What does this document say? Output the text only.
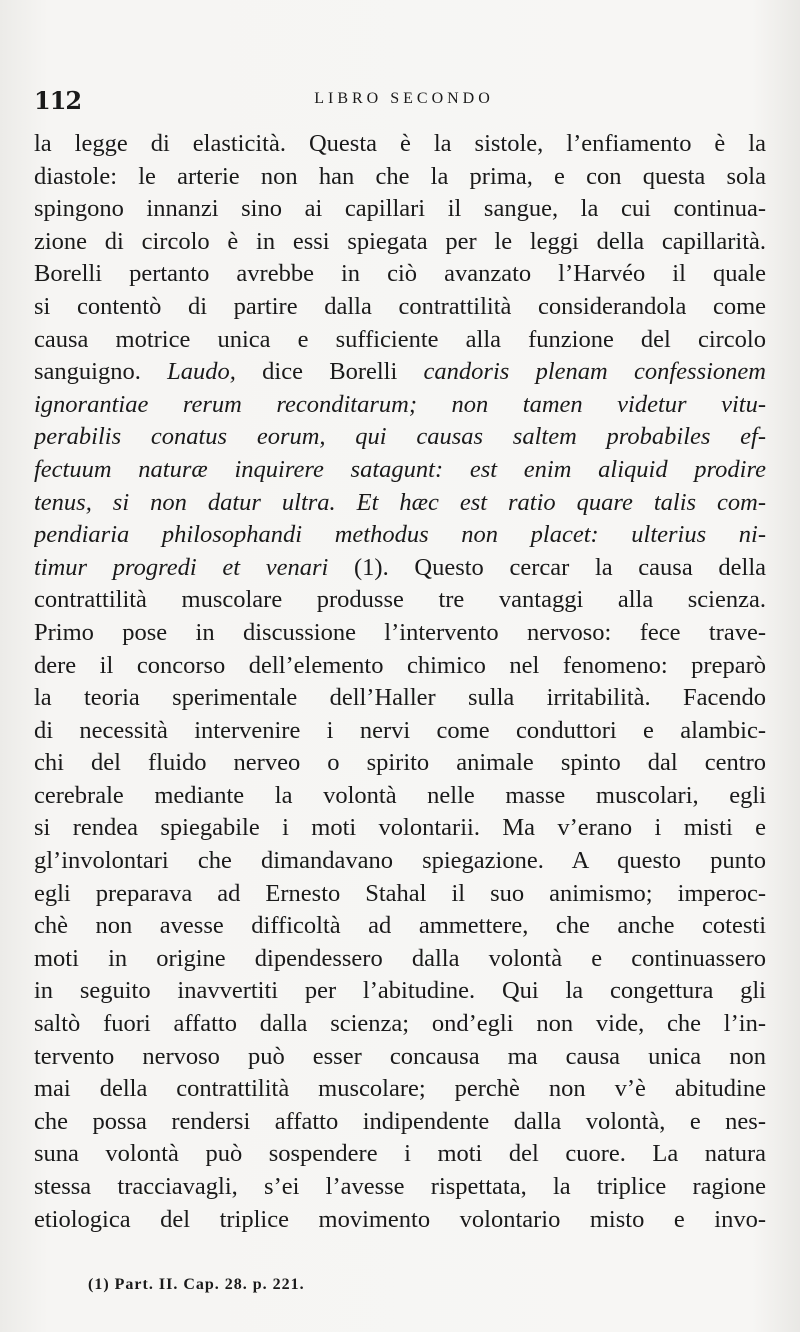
112	LIBRO SECONDO
la legge di elasticità. Questa è la sistole, l’enfiamento è la
diastole: le arterie non han che la prima, e con questa sola
spingono innanzi sino ai capillari il sangue, la cui continua-
zione di circolo è in essi spiegata per le leggi della capillarità.
Borelli pertanto avrebbe in ciò avanzato l’Harvéo il quale
si contentò di partire dalla contrattilità considerandola come
causa motrice unica e sufficiente alla funzione del circolo
sanguigno. Laudo, dice Borelli candoris plenam confessionem
ignorantiae rerum reconditarum; non tamen videtur vitu-
perabilis conatus eorum, qui causas saltem probabiles ef-
fectuum naturæ inquirere satagunt: est enim aliquid prodire
tenus, si non datur ultra. Et hæc est ratio quare talis com-
pendiaria philosophandi methodus non placet: ulterius ni-
timur progredi et venari (1). Questo cercar la causa della
contrattilità muscolare produsse tre vantaggi alla scienza.
Primo pose in discussione l’intervento nervoso: fece trave-
dere il concorso dell’elemento chimico nel fenomeno: preparò
la teoria sperimentale dell’Haller sulla irritabilità. Facendo
di necessità intervenire i nervi come conduttori e alambic-
chi del fluido nerveo o spirito animale spinto dal centro
cerebrale mediante la volontà nelle masse muscolari, egli
si rendea spiegabile i moti volontarii. Ma v’erano i misti e
gl’involontari che dimandavano spiegazione. A questo punto
egli preparava ad Ernesto Stahal il suo animismo; imperoc-
chè non avesse difficoltà ad ammettere, che anche cotesti
moti in origine dipendessero dalla volontà e continuassero
in seguito inavvertiti per l’abitudine. Qui la congettura gli
saltò fuori affatto dalla scienza; ond’egli non vide, che l’in-
tervento nervoso può esser concausa ma causa unica non
mai della contrattilità muscolare; perchè non v’è abitudine
che possa rendersi affatto indipendente dalla volontà, e nes-
suna volontà può sospendere i moti del cuore. La natura
stessa tracciavagli, s’ei l’avesse rispettata, la triplice ragione
etiologica del triplice movimento volontario misto e invo-
(1) Part. II. Cap. 28. p. 221.
